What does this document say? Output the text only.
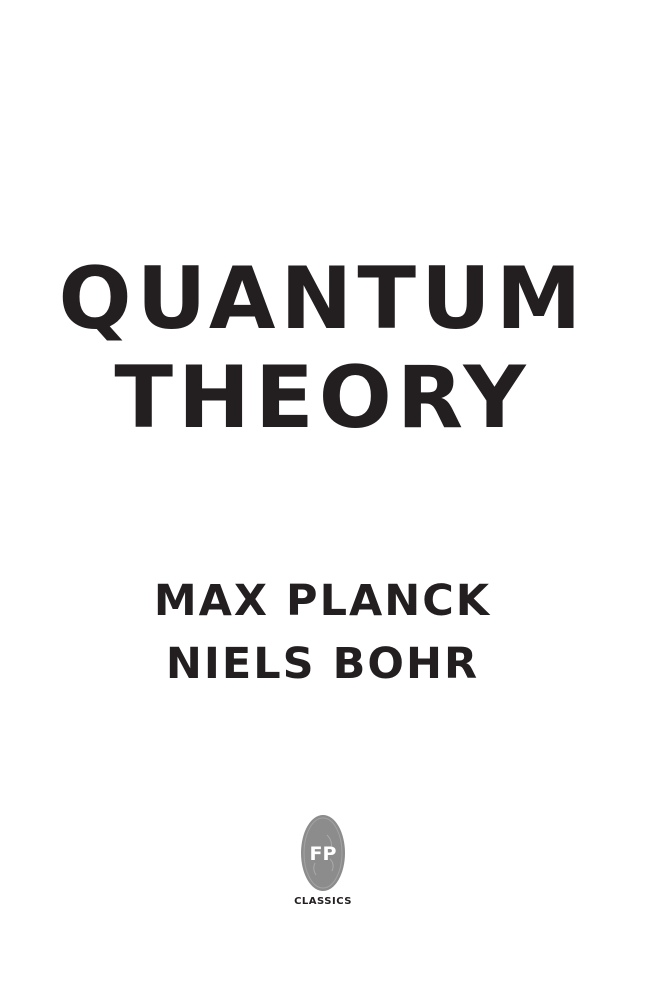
QUANTUM
THEORY
MAX PLANCK
NIELS BOHR
FP
CLASSICS
